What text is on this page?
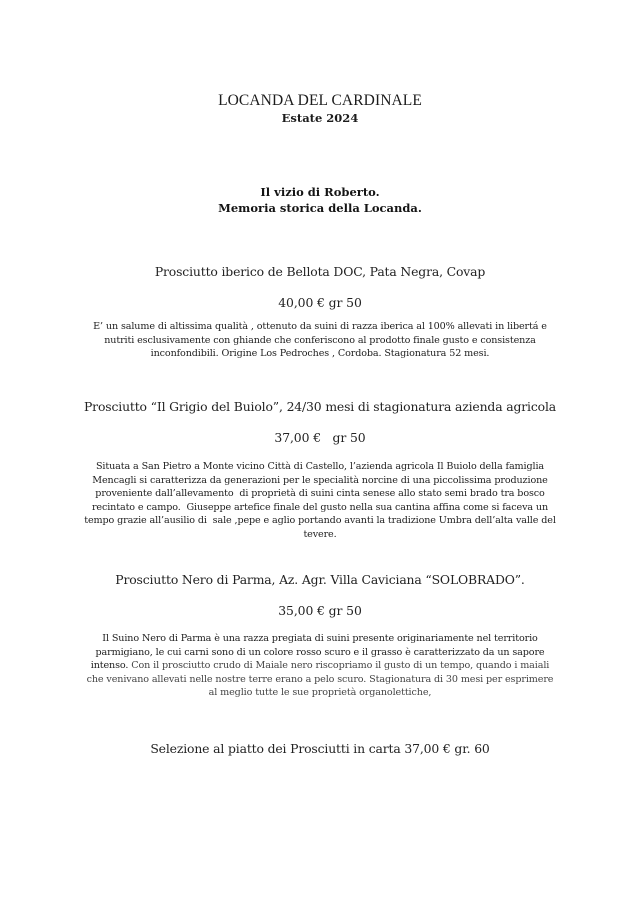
LOCANDA DEL CARDINALE
Estate 2024
Il vizio di Roberto.
Memoria storica della Locanda.
Prosciutto iberico de Bellota DOC, Pata Negra, Covap
40,00 € gr 50
E’ un salume di altissima qualità , ottenuto da suini di razza iberica al 100% allevati in libertá e
nutriti esclusivamente con ghiande che conferiscono al prodotto finale gusto e consistenza
inconfondibili. Origine Los Pedroches , Cordoba. Stagionatura 52 mesi.
Prosciutto “Il Grigio del Buiolo”, 24/30 mesi di stagionatura azienda agricola
37,00 €   gr 50
Situata a San Pietro a Monte vicino Città di Castello, l’azienda agricola Il Buiolo della famiglia
Mencagli si caratterizza da generazioni per le specialità norcine di una piccolissima produzione
proveniente dall’allevamento  di proprietà di suini cinta senese allo stato semi brado tra bosco
recintato e campo.  Giuseppe artefice finale del gusto nella sua cantina affina come si faceva un
tempo grazie all’ausilio di  sale ,pepe e aglio portando avanti la tradizione Umbra dell’alta valle del
tevere.
Prosciutto Nero di Parma, Az. Agr. Villa Caviciana “SOLOBRADO”.
35,00 € gr 50
Il Suino Nero di Parma è una razza pregiata di suini presente originariamente nel territorio
parmigiano, le cui carni sono di un colore rosso scuro e il grasso è caratterizzato da un sapore
intenso. Con il prosciutto crudo di Maiale nero riscopriamo il gusto di un tempo, quando i maiali
che venivano allevati nelle nostre terre erano a pelo scuro. Stagionatura di 30 mesi per esprimere
al meglio tutte le sue proprietà organolettiche,
Selezione al piatto dei Prosciutti in carta 37,00 € gr. 60
